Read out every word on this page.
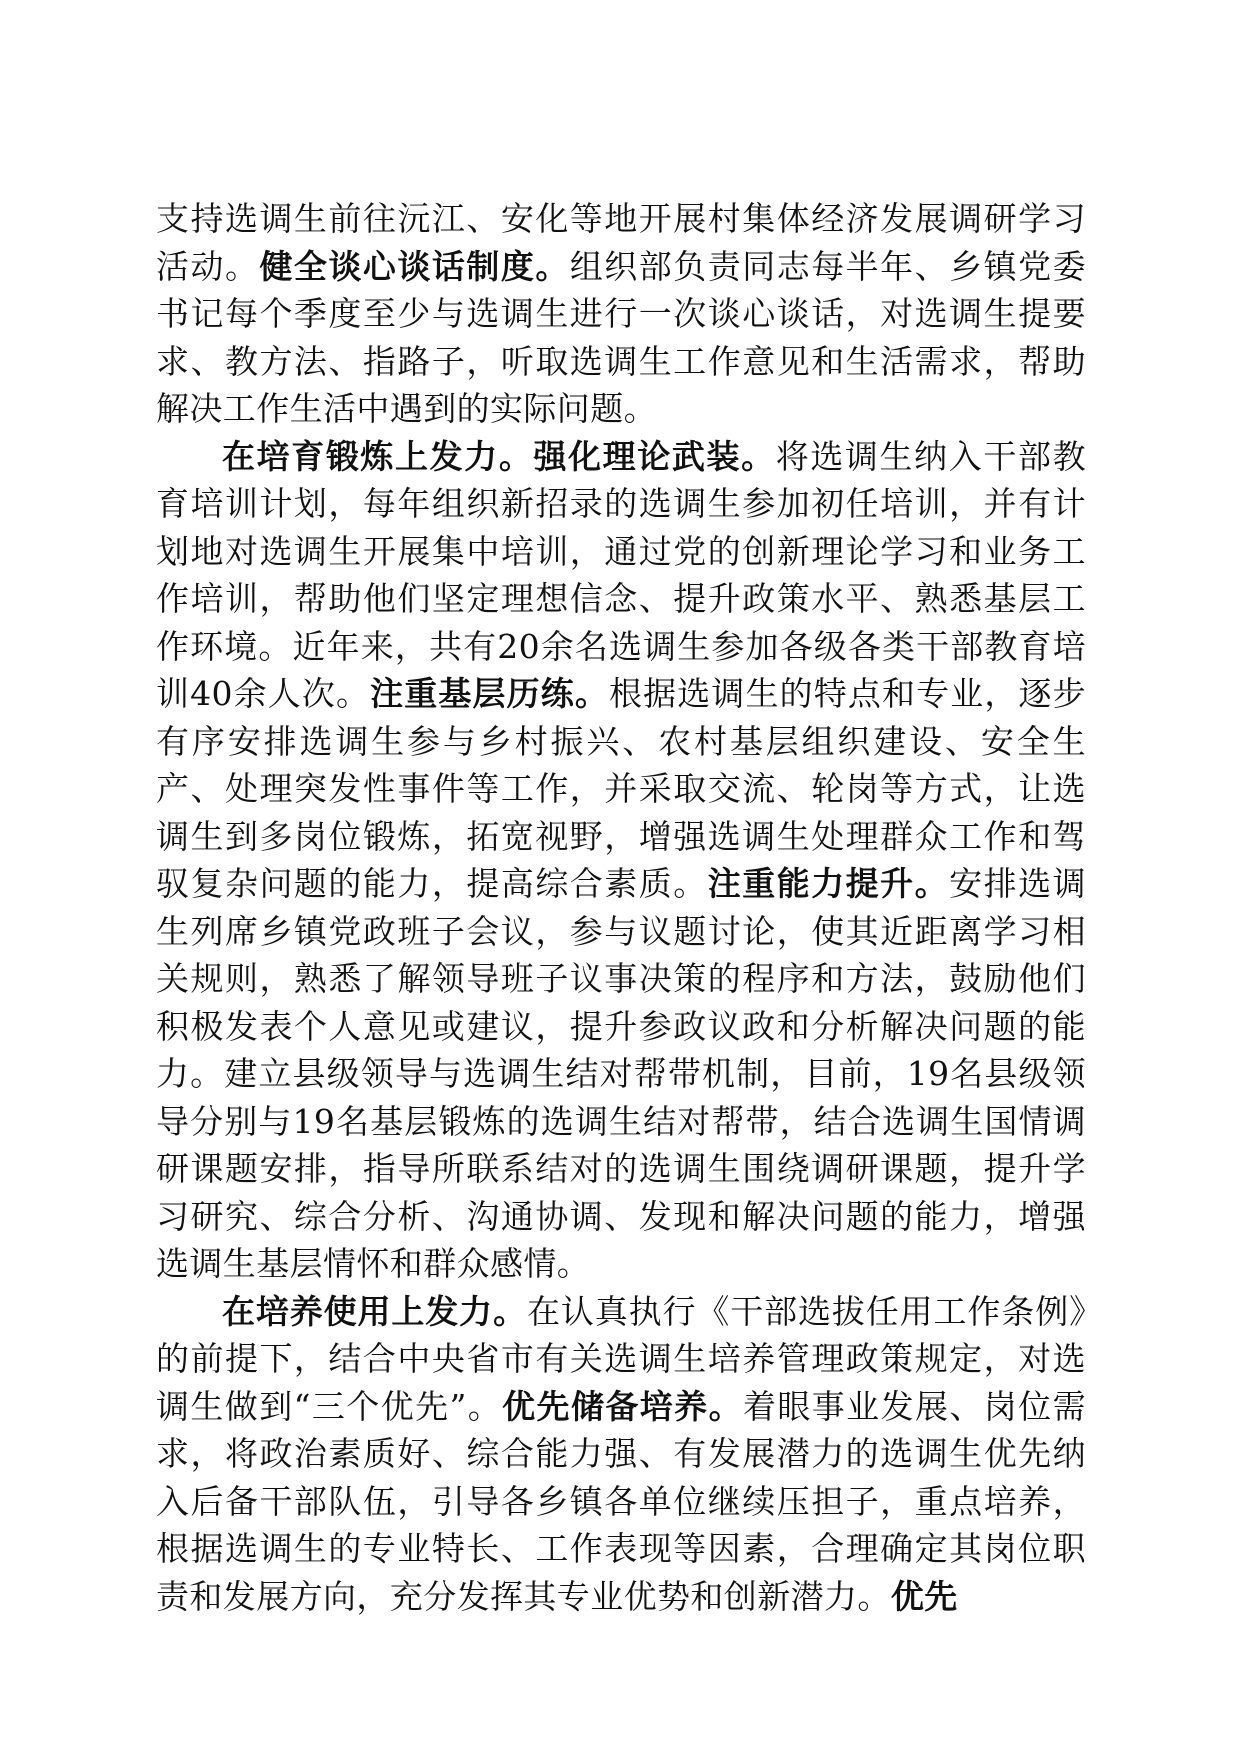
支持选调生前往沅江、安化等地开展村集体经济发展调研学习活动。健全谈心谈话制度。组织部负责同志每半年、乡镇党委书记每个季度至少与选调生进行一次谈心谈话，对选调生提要求、教方法、指路子，听取选调生工作意见和生活需求，帮助解决工作生活中遇到的实际问题。

在培育锻炼上发力。强化理论武装。将选调生纳入干部教育培训计划，每年组织新招录的选调生参加初任培训，并有计划地对选调生开展集中培训，通过党的创新理论学习和业务工作培训，帮助他们坚定理想信念、提升政策水平、熟悉基层工作环境。近年来，共有20余名选调生参加各级各类干部教育培训40余人次。注重基层历练。根据选调生的特点和专业，逐步有序安排选调生参与乡村振兴、农村基层组织建设、安全生产、处理突发性事件等工作，并采取交流、轮岗等方式，让选调生到多岗位锻炼，拓宽视野，增强选调生处理群众工作和驾驭复杂问题的能力，提高综合素质。注重能力提升。安排选调生列席乡镇党政班子会议，参与议题讨论，使其近距离学习相关规则，熟悉了解领导班子议事决策的程序和方法，鼓励他们积极发表个人意见或建议，提升参政议政和分析解决问题的能力。建立县级领导与选调生结对帮带机制，目前，19名县级领导分别与19名基层锻炼的选调生结对帮带，结合选调生国情调研课题安排，指导所联系结对的选调生围绕调研课题，提升学习研究、综合分析、沟通协调、发现和解决问题的能力，增强选调生基层情怀和群众感情。

在培养使用上发力。在认真执行《干部选拔任用工作条例》的前提下，结合中央省市有关选调生培养管理政策规定，对选调生做到“三个优先”。优先储备培养。着眼事业发展、岗位需求，将政治素质好、综合能力强、有发展潜力的选调生优先纳入后备干部队伍，引导各乡镇各单位继续压担子，重点培养，根据选调生的专业特长、工作表现等因素，合理确定其岗位职责和发展方向，充分发挥其专业优势和创新潜力。优先
